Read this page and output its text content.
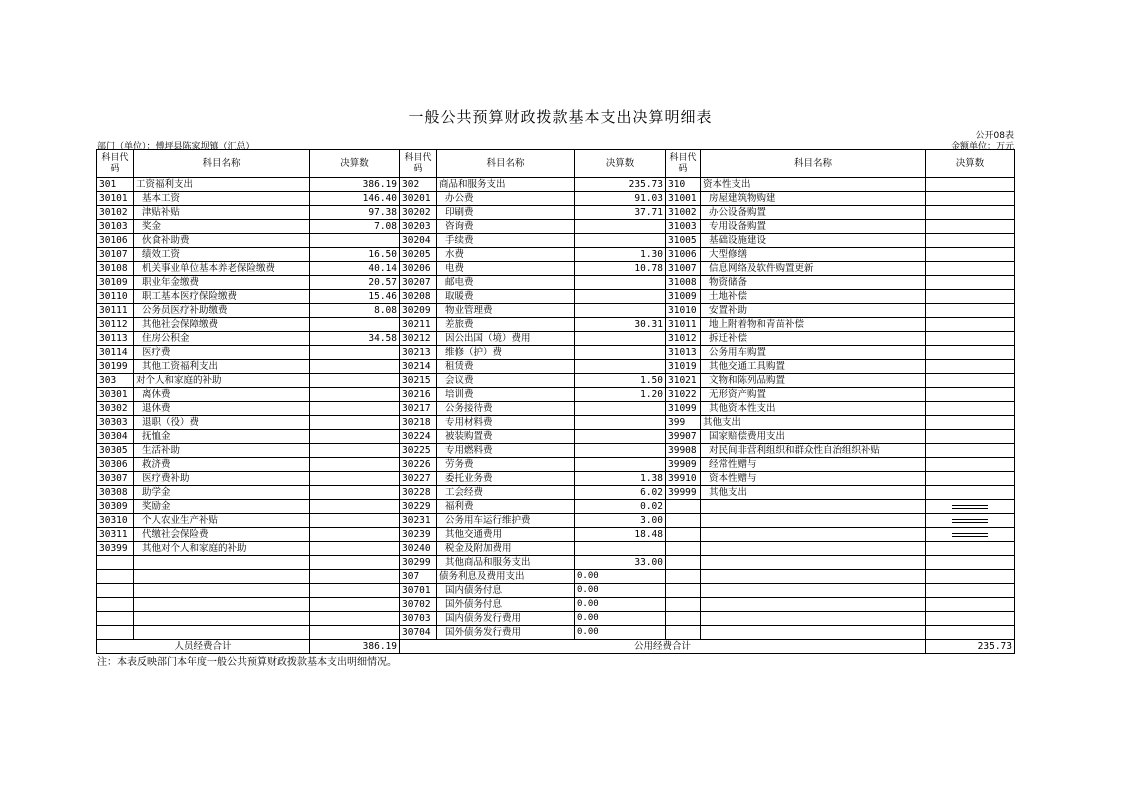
一般公共预算财政拨款基本支出决算明细表
公开08表
部门（单位）：傅坪县陈家坝镇（汇总）	金额单位：万元
科目代码	科目名称	决算数	科目代码	科目名称	决算数	科目代码	科目名称	决算数
301	工资福利支出	386.19	302	商品和服务支出	235.73	310	资本性支出	
30101	基本工资	146.40	30201	办公费	91.03	31001	房屋建筑物购建	
30102	津贴补贴	97.38	30202	印刷费	37.71	31002	办公设备购置	
30103	奖金	7.08	30203	咨询费		31003	专用设备购置	
30106	伙食补助费		30204	手续费		31005	基础设施建设	
30107	绩效工资	16.50	30205	水费	1.30	31006	大型修缮	
30108	机关事业单位基本养老保险缴费	40.14	30206	电费	10.78	31007	信息网络及软件购置更新	
30109	职业年金缴费	20.57	30207	邮电费		31008	物资储备	
30110	职工基本医疗保险缴费	15.46	30208	取暖费		31009	土地补偿	
30111	公务员医疗补助缴费	8.08	30209	物业管理费		31010	安置补助	
30112	其他社会保障缴费		30211	差旅费	30.31	31011	地上附着物和青苗补偿	
30113	住房公积金	34.58	30212	因公出国（境）费用		31012	拆迁补偿	
30114	医疗费		30213	维修（护）费		31013	公务用车购置	
30199	其他工资福利支出		30214	租赁费		31019	其他交通工具购置	
303	对个人和家庭的补助		30215	会议费	1.50	31021	文物和陈列品购置	
30301	离休费		30216	培训费	1.20	31022	无形资产购置	
30302	退休费		30217	公务接待费		31099	其他资本性支出	
30303	退职（役）费		30218	专用材料费		399	其他支出	
30304	抚恤金		30224	被装购置费		39907	国家赔偿费用支出	
30305	生活补助		30225	专用燃料费		39908	对民间非营利组织和群众性自治组织补贴	
30306	救济费		30226	劳务费		39909	经常性赠与	
30307	医疗费补助		30227	委托业务费	1.38	39910	资本性赠与	
30308	助学金		30228	工会经费	6.02	39999	其他支出	
30309	奖励金		30229	福利费	0.02			

30310	个人农业生产补贴		30231	公务用车运行维护费	3.00			

30311	代缴社会保险费		30239	其他交通费用	18.48			

30399	其他对个人和家庭的补助		30240	税金及附加费用				
			30299	其他商品和服务支出	33.00			
			307	债务利息及费用支出	0.00			
			30701	国内债务付息	0.00			
			30702	国外债务付息	0.00			
			30703	国内债务发行费用	0.00			
			30704	国外债务发行费用	0.00			
人员经费合计		386.19	公用经费合计					235.73
注：本表反映部门本年度一般公共预算财政拨款基本支出明细情况。
